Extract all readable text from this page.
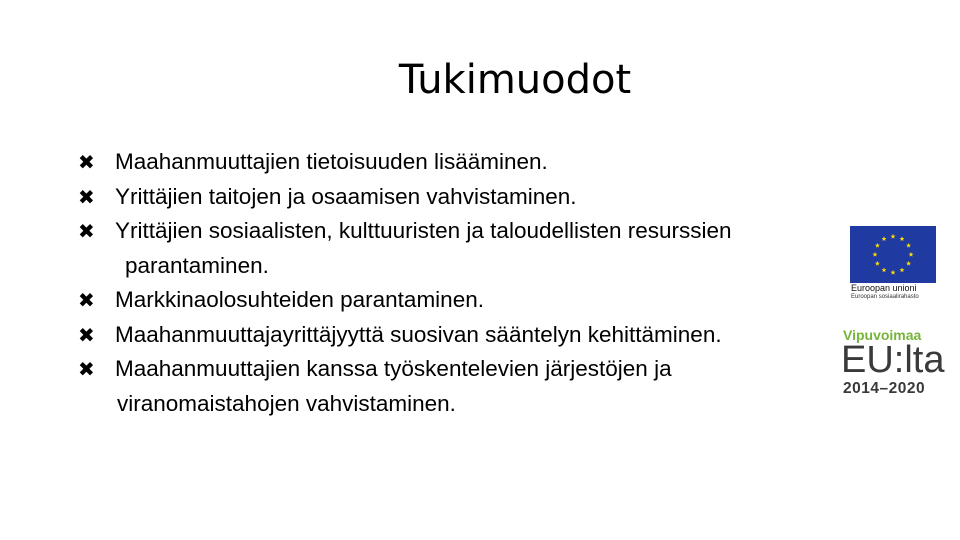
Tukimuodot
✖ Maahanmuuttajien tietoisuuden lisääminen.
✖ Yrittäjien taitojen ja osaamisen vahvistaminen.
✖ Yrittäjien sosiaalisten, kulttuuristen ja taloudellisten resurssien
parantaminen.
✖ Markkinaolosuhteiden parantaminen.
✖ Maahanmuuttajayrittäjyyttä suosivan sääntelyn kehittäminen.
✖ Maahanmuuttajien kanssa työskentelevien järjestöjen ja
viranomaistahojen vahvistaminen.
Euroopan unioni
Euroopan sosiaalirahasto
Vipuvoimaa
EU:lta
2014–2020
